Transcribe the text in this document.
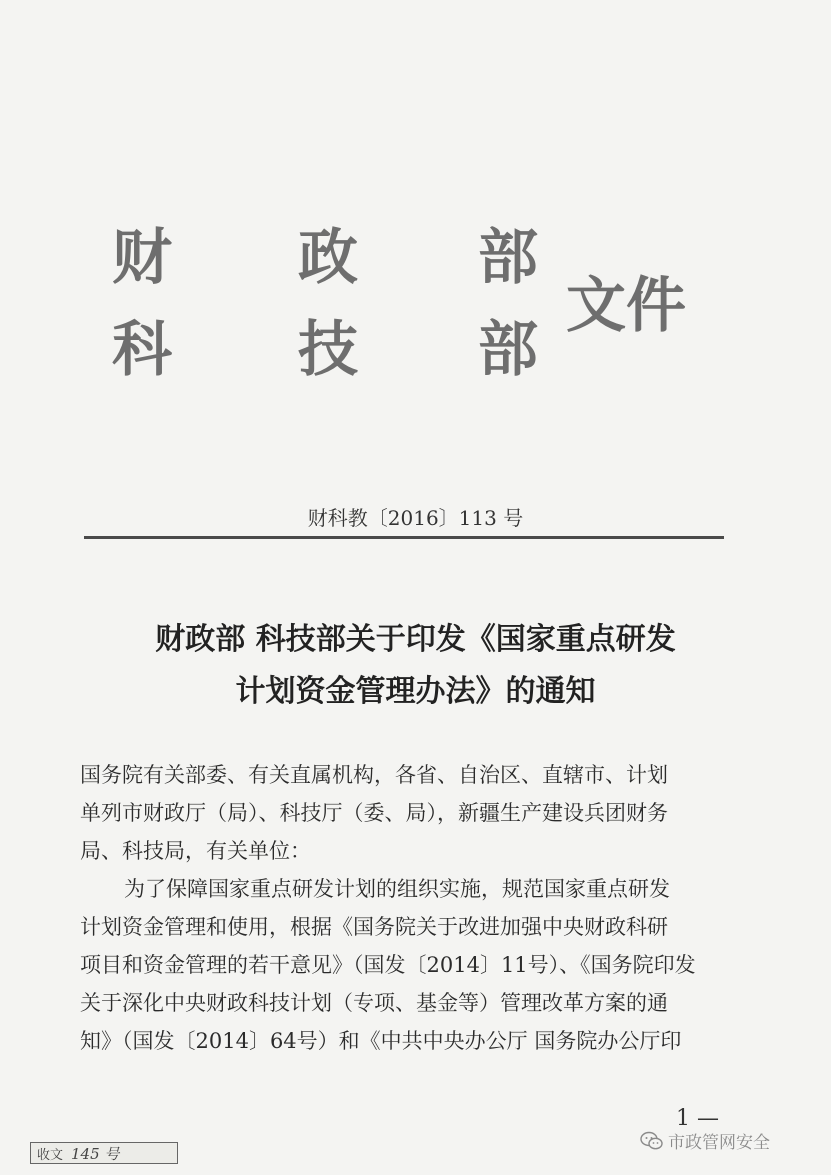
财
科
政
技
部
部
文件
财科教〔2016〕113 号
财政部 科技部关于印发《国家重点研发
计划资金管理办法》的通知

国务院有关部委、有关直属机构，各省、自治区、直辖市、计划

单列市财政厅（局）、科技厅（委、局），新疆生产建设兵团财务

局、科技局，有关单位：

为了保障国家重点研发计划的组织实施，规范国家重点研发

计划资金管理和使用，根据《国务院关于改进加强中央财政科研

项目和资金管理的若干意见》（国发〔2014〕11号）、《国务院印发

关于深化中央财政科技计划（专项、基金等）管理改革方案的通

知》（国发〔2014〕64号）和《中共中央办公厅 国务院办公厅印

1 —
收文 145 号
市政管网安全
